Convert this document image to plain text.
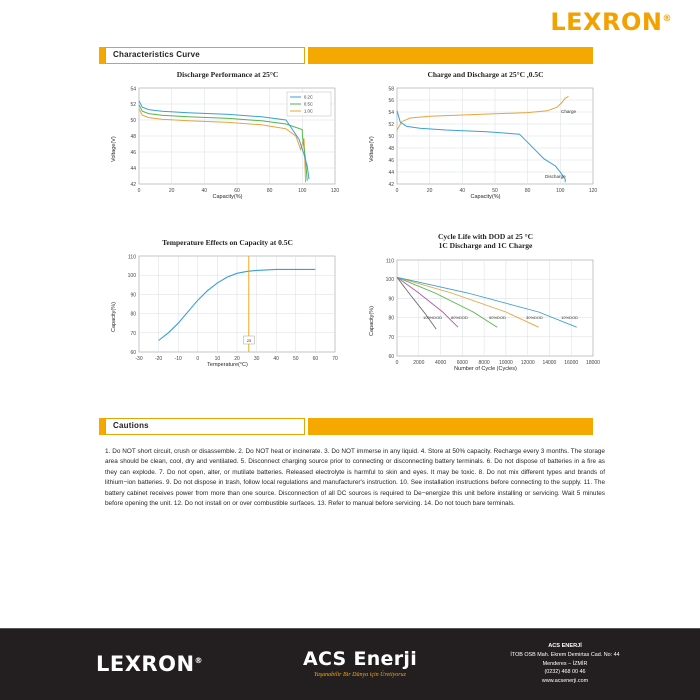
LEXRON®
Characteristics Curve
Discharge Performance at 25°C
42
44
46
48
50
52
54
0	20	40	60	80	100	120
0.2C
0.5C
1.0C
Voltage(V)
Capacity(%)
Charge and Discharge at 25°C ,0.5C
42
44
46
48
50
52
54
56
58
0	20	40	50	80	100	120
Charge
Discharge
Voltage(V)
Capacity(%)
Temperature Effects on Capacity at 0.5C
60
70
80
90
100
110
-30 -20 -10	0	10	20	30	40	50	60	70
25
Capacity(%)
Temperature(°C)
Cycle Life with DOD at 25 °C
1C Discharge and 1C Charge
60
70
80
90
100
110
0	2000 4000 6000 8000 10000 12000 14000 16000 18000
100%DOD 80%DOD	50%DOD	30%DOD	10%DOD
Capacity(%)
Number of Cycle (Cycles)
Cautions
1. Do NOT short circuit, crush or disassemble. 2. Do NOT heat or incinerate. 3. Do NOT immerse in any liquid. 4. Store at 50% capacity. Recharge every 3 months. The storage area should be clean, cool, dry and ventilated. 5. Disconnect charging source prior to connecting or disconnecting battery terminals. 6. Do not dispose of batteries in a fire as they can explode. 7. Do not open, alter, or mutilate batteries. Released electrolyte is harmful to skin and eyes. It may be toxic. 8. Do not mix different types and brands of lithium−ion batteries. 9. Do not dispose in trash, follow local regulations and manufacturer's instruction. 10. See installation instructions before connecting to the supply. 11. The battery cabinet receives power from more than one source. Disconnection of all DC sources is required to De−energize this unit before installing or servicing. Wait 5 minutes before opening the unit. 12. Do not install on or over combustible surfaces. 13. Refer to manual before servicing. 14. Do not touch bare terminals.
LEXRON®	ACS Enerji
Yaşanabilir Bir Dünya için Üretiyoruz
ACS ENERJİ
İTOB OSB Mah. Ekrem Demirtas Cad. No: 44
Menderes − İZMİR
(0232) 468 00 46
www.acsenerji.com
